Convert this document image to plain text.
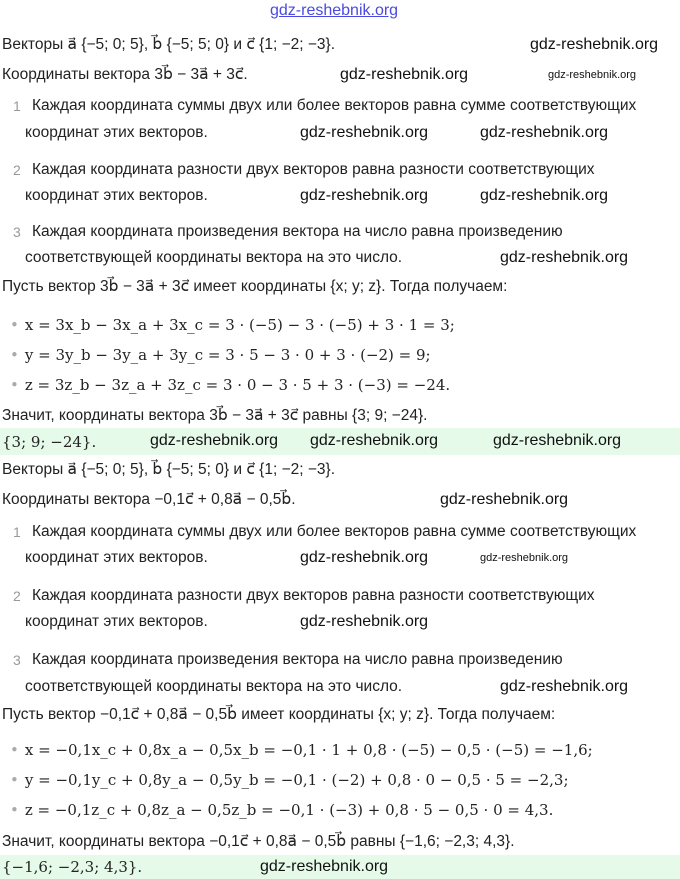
gdz-reshebnik.org
Векторы a⃗ {−5; 0; 5}, b⃗ {−5; 5; 0} и c⃗ {1; −2; −3}.	gdz-reshebnik.org
Координаты вектора 3b⃗ − 3a⃗ + 3c⃗.	gdz-reshebnik.org	gdz-reshebnik.org
1 Каждая координата суммы двух или более векторов равна сумме соответствующих
координат этих векторов.	gdz-reshebnik.org	gdz-reshebnik.org
2 Каждая координата разности двух векторов равна разности соответствующих
координат этих векторов.	gdz-reshebnik.org	gdz-reshebnik.org
3 Каждая координата произведения вектора на число равна произведению
соответствующей координаты вектора на это число.	gdz-reshebnik.org
Пусть вектор 3b⃗ − 3a⃗ + 3c⃗ имеет координаты {x; y; z}. Тогда получаем:
• x = 3x_b − 3x_a + 3x_c = 3 · (−5) − 3 · (−5) + 3 · 1 = 3;
• y = 3y_b − 3y_a + 3y_c = 3 · 5 − 3 · 0 + 3 · (−2) = 9;
• z = 3z_b − 3z_a + 3z_c = 3 · 0 − 3 · 5 + 3 · (−3) = −24.
Значит, координаты вектора 3b⃗ − 3a⃗ + 3c⃗ равны {3; 9; −24}.
{3; 9; −24}.	gdz-reshebnik.org gdz-reshebnik.org	gdz-reshebnik.org
Векторы a⃗ {−5; 0; 5}, b⃗ {−5; 5; 0} и c⃗ {1; −2; −3}.
Координаты вектора −0,1c⃗ + 0,8a⃗ − 0,5b⃗.	gdz-reshebnik.org
1 Каждая координата суммы двух или более векторов равна сумме соответствующих
координат этих векторов.	gdz-reshebnik.org	gdz-reshebnik.org
2 Каждая координата разности двух векторов равна разности соответствующих
координат этих векторов.	gdz-reshebnik.org
3 Каждая координата произведения вектора на число равна произведению
соответствующей координаты вектора на это число.	gdz-reshebnik.org
Пусть вектор −0,1c⃗ + 0,8a⃗ − 0,5b⃗ имеет координаты {x; y; z}. Тогда получаем:
• x = −0,1x_c + 0,8x_a − 0,5x_b = −0,1 · 1 + 0,8 · (−5) − 0,5 · (−5) = −1,6;
• y = −0,1y_c + 0,8y_a − 0,5y_b = −0,1 · (−2) + 0,8 · 0 − 0,5 · 5 = −2,3;
• z = −0,1z_c + 0,8z_a − 0,5z_b = −0,1 · (−3) + 0,8 · 5 − 0,5 · 0 = 4,3.
Значит, координаты вектора −0,1c⃗ + 0,8a⃗ − 0,5b⃗ равны {−1,6; −2,3; 4,3}.
{−1,6; −2,3; 4,3}.	gdz-reshebnik.org
